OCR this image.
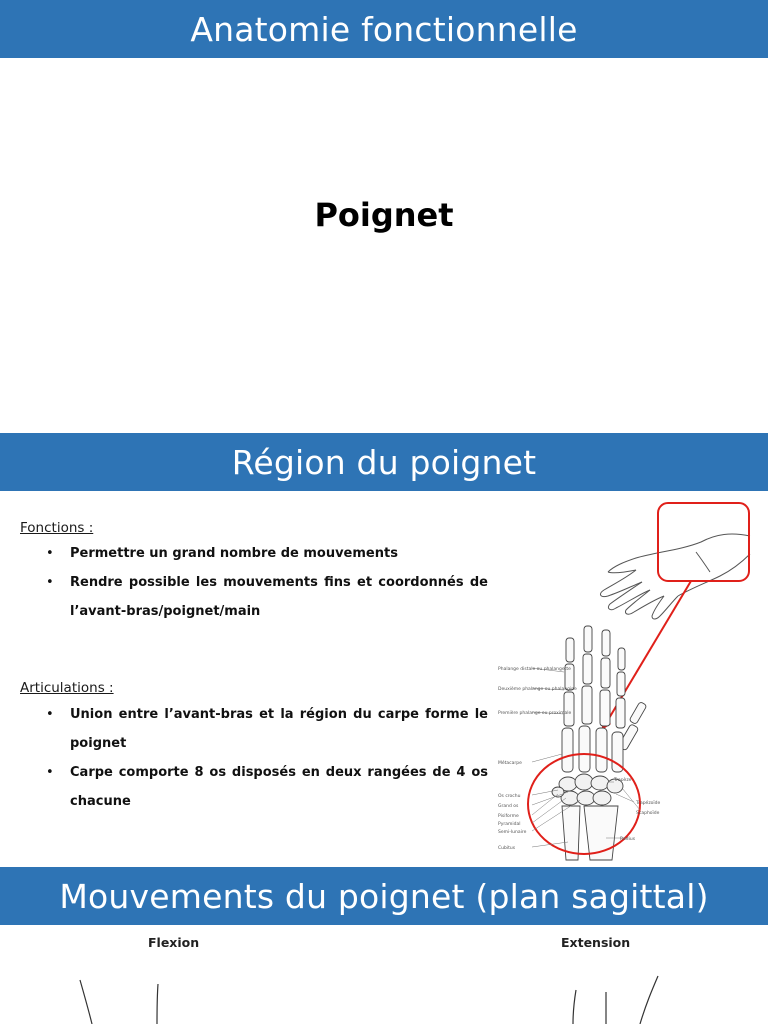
Anatomie fonctionnelle
Poignet
Région du poignet
Fonctions :
• Permettre un grand nombre de mouvements
• Rendre possible les mouvements fins et coordonnés de l’avant-bras/poignet/main
Articulations :
• Union entre l’avant-bras et la région du carpe forme le poignet
• Carpe comporte 8 os disposés en deux rangées de 4 os chacune
Phalange distale ou phalangette
Deuxième phalange ou phalangine
Première phalange ou proximale
Métacarpe
Os crochu
Grand os
Pisiforme
Pyramidal
Semi-lunaire
Cubitus
Trapèze
Trapézoïde
Scaphoïde
Radius
Mouvements du poignet (plan sagittal)
Flexion	Extension
